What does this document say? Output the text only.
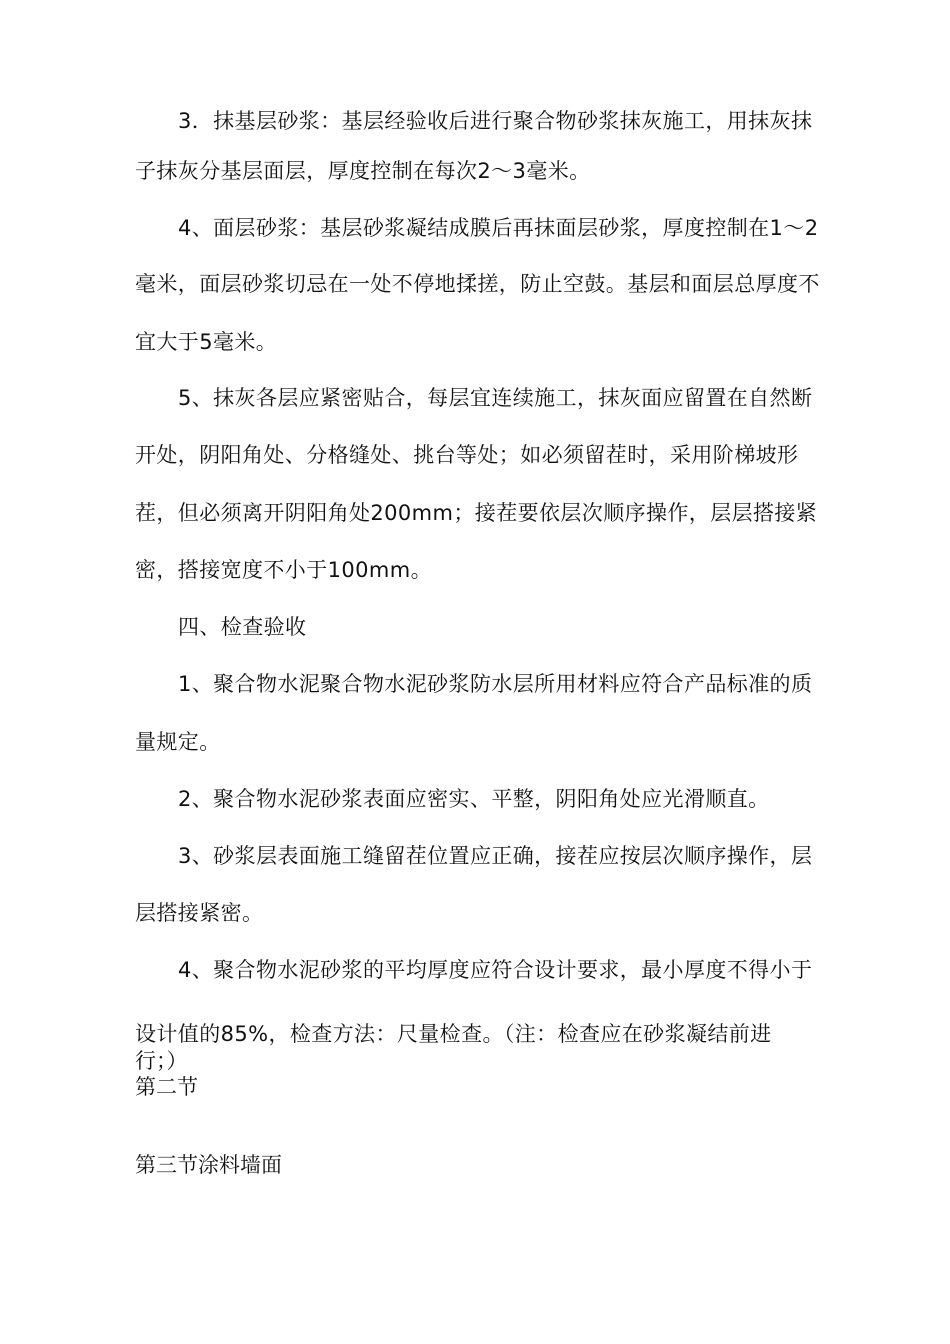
3．抹基层砂浆：基层经验收后进行聚合物砂浆抹灰施工，用抹灰抹
子抹灰分基层面层，厚度控制在每次2～3毫米。
4、面层砂浆：基层砂浆凝结成膜后再抹面层砂浆，厚度控制在1～2
毫米，面层砂浆切忌在一处不停地揉搓，防止空鼓。基层和面层总厚度不
宜大于5毫米。
5、抹灰各层应紧密贴合，每层宜连续施工，抹灰面应留置在自然断
开处，阴阳角处、分格缝处、挑台等处；如必须留茬时，采用阶梯坡形
茬，但必须离开阴阳角处200mm；接茬要依层次顺序操作，层层搭接紧
密，搭接宽度不小于100mm。
四、检查验收
1、聚合物水泥聚合物水泥砂浆防水层所用材料应符合产品标准的质
量规定。
2、聚合物水泥砂浆表面应密实、平整，阴阳角处应光滑顺直。
3、砂浆层表面施工缝留茬位置应正确，接茬应按层次顺序操作，层
层搭接紧密。
4、聚合物水泥砂浆的平均厚度应符合设计要求，最小厚度不得小于
设计值的85%，检查方法：尺量检查。（注：检查应在砂浆凝结前进
行；）
第二节
第三节涂料墙面
